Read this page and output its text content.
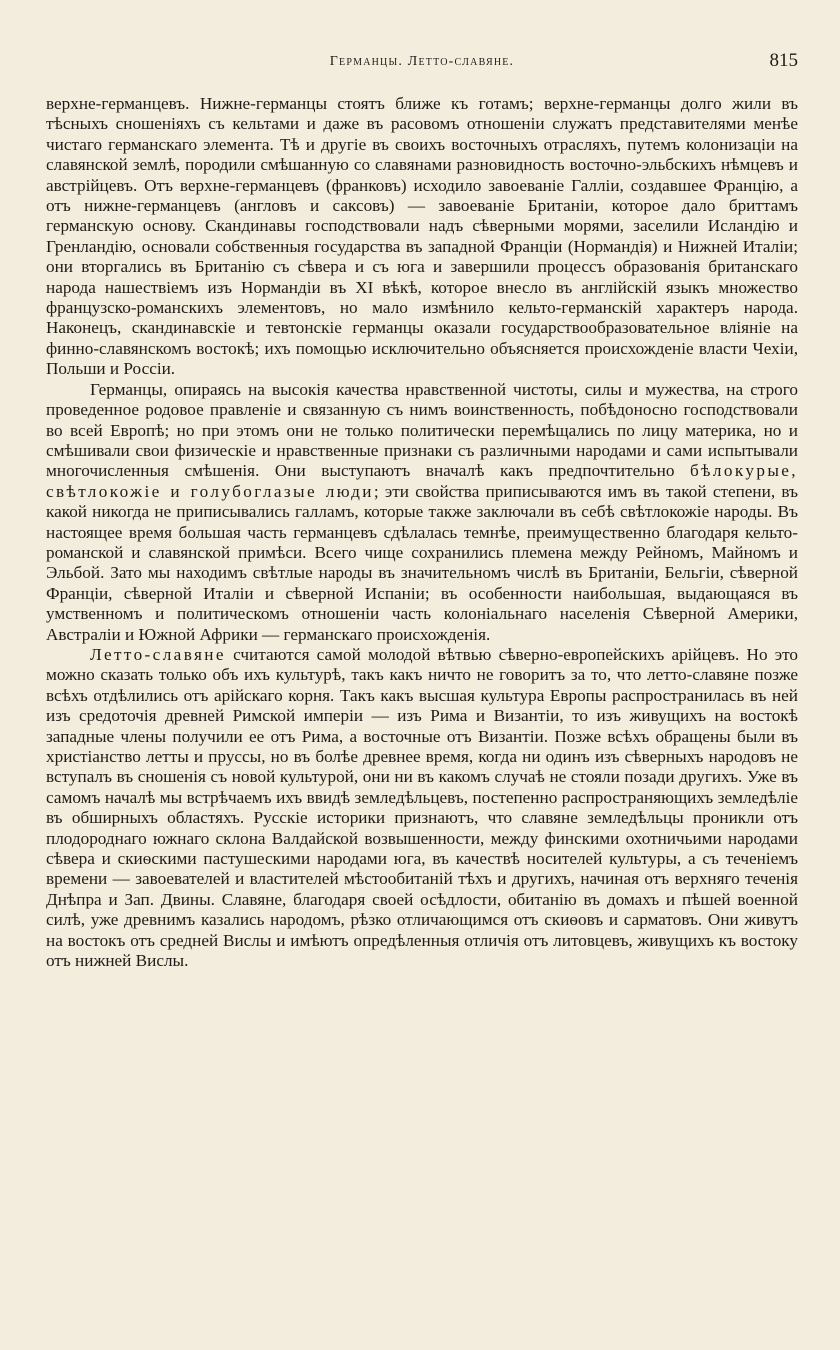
Германцы. Летто-славяне.	815

верхне-германцевъ. Нижне-германцы стоятъ ближе къ готамъ; верхне-германцы долго жили въ тѣсныхъ сношеніяхъ съ кельтами и даже въ расовомъ отношеніи служатъ представителями менѣе чистаго германскаго элемента. Тѣ и другіе въ своихъ восточныхъ отрасляхъ, путемъ колонизаціи на славянской землѣ, породили смѣшанную со славянами разновидность восточно-эльбскихъ нѣмцевъ и австрійцевъ. Отъ верхне-германцевъ (франковъ) исходило завоеваніе Галліи, создавшее Францію, а отъ нижне-германцевъ (англовъ и саксовъ) — завоеваніе Британіи, которое дало бриттамъ германскую основу. Скандинавы господствовали надъ сѣверными морями, заселили Исландію и Гренландію, основали собственныя государства въ западной Франціи (Нормандія) и Нижней Италіи; они вторгались въ Британію съ сѣвера и съ юга и завершили процессъ образованія британскаго народа нашествіемъ изъ Нормандіи въ XI вѣкѣ, которое внесло въ англійскій языкъ множество французско-романскихъ элементовъ, но мало измѣнило кельто-германскій характеръ народа. Наконецъ, скандинавскіе и тевтонскіе германцы оказали государствообразовательное вліяніе на финно-славянскомъ востокѣ; ихъ помощью исключительно объясняется происхожденіе власти Чехіи, Польши и Россіи.

Германцы, опираясь на высокія качества нравственной чистоты, силы и мужества, на строго проведенное родовое правленіе и связанную съ нимъ воинственность, побѣдоносно господствовали во всей Европѣ; но при этомъ они не только политически перемѣщались по лицу материка, но и смѣшивали свои физическіе и нравственные признаки съ различными народами и сами испытывали многочисленныя смѣшенія. Они выступаютъ вначалѣ какъ предпочтительно бѣлокурые, свѣтлокожіе и голубоглазые люди; эти свойства приписываются имъ въ такой степени, въ какой никогда не приписывались галламъ, которые также заключали въ себѣ свѣтлокожіе народы. Въ настоящее время большая часть германцевъ сдѣлалась темнѣе, преимущественно благодаря кельто-романской и славянской примѣси. Всего чище сохранились племена между Рейномъ, Майномъ и Эльбой. Зато мы находимъ свѣтлые народы въ значительномъ числѣ въ Британіи, Бельгіи, сѣверной Франціи, сѣверной Италіи и сѣверной Испаніи; въ особенности наибольшая, выдающаяся въ умственномъ и политическомъ отношеніи часть колоніальнаго населенія Сѣверной Америки, Австраліи и Южной Африки — германскаго происхожденія.

Летто-славяне считаются самой молодой вѣтвью сѣверно-европейскихъ арійцевъ. Но это можно сказать только объ ихъ культурѣ, такъ какъ ничто не говоритъ за то, что летто-славяне позже всѣхъ отдѣлились отъ арійскаго корня. Такъ какъ высшая культура Европы распространилась въ ней изъ средоточія древней Римской имперіи — изъ Рима и Византіи, то изъ живущихъ на востокѣ западные члены получили ее отъ Рима, а восточные отъ Византіи. Позже всѣхъ обращены были въ христіанство летты и пруссы, но въ болѣе древнее время, когда ни одинъ изъ сѣверныхъ народовъ не вступалъ въ сношенія съ новой культурой, они ни въ какомъ случаѣ не стояли позади другихъ. Уже въ самомъ началѣ мы встрѣчаемъ ихъ ввидѣ земледѣльцевъ, постепенно распространяющихъ земледѣліе въ обширныхъ областяхъ. Русскіе историки признаютъ, что славяне земледѣльцы проникли отъ плодороднаго южнаго склона Валдайской возвышенности, между финскими охотничьими народами сѣвера и скиѳскими пастушескими народами юга, въ качествѣ носителей культуры, а съ теченіемъ времени — завоевателей и властителей мѣстообитаній тѣхъ и другихъ, начиная отъ верхняго теченія Днѣпра и Зап. Двины. Славяне, благодаря своей осѣдлости, обитанію въ домахъ и пѣшей военной силѣ, уже древнимъ казались народомъ, рѣзко отличающимся отъ скиѳовъ и сарматовъ. Они живутъ на востокъ отъ средней Вислы и имѣютъ опредѣленныя отличія отъ литовцевъ, живущихъ къ востоку отъ нижней Вислы.
